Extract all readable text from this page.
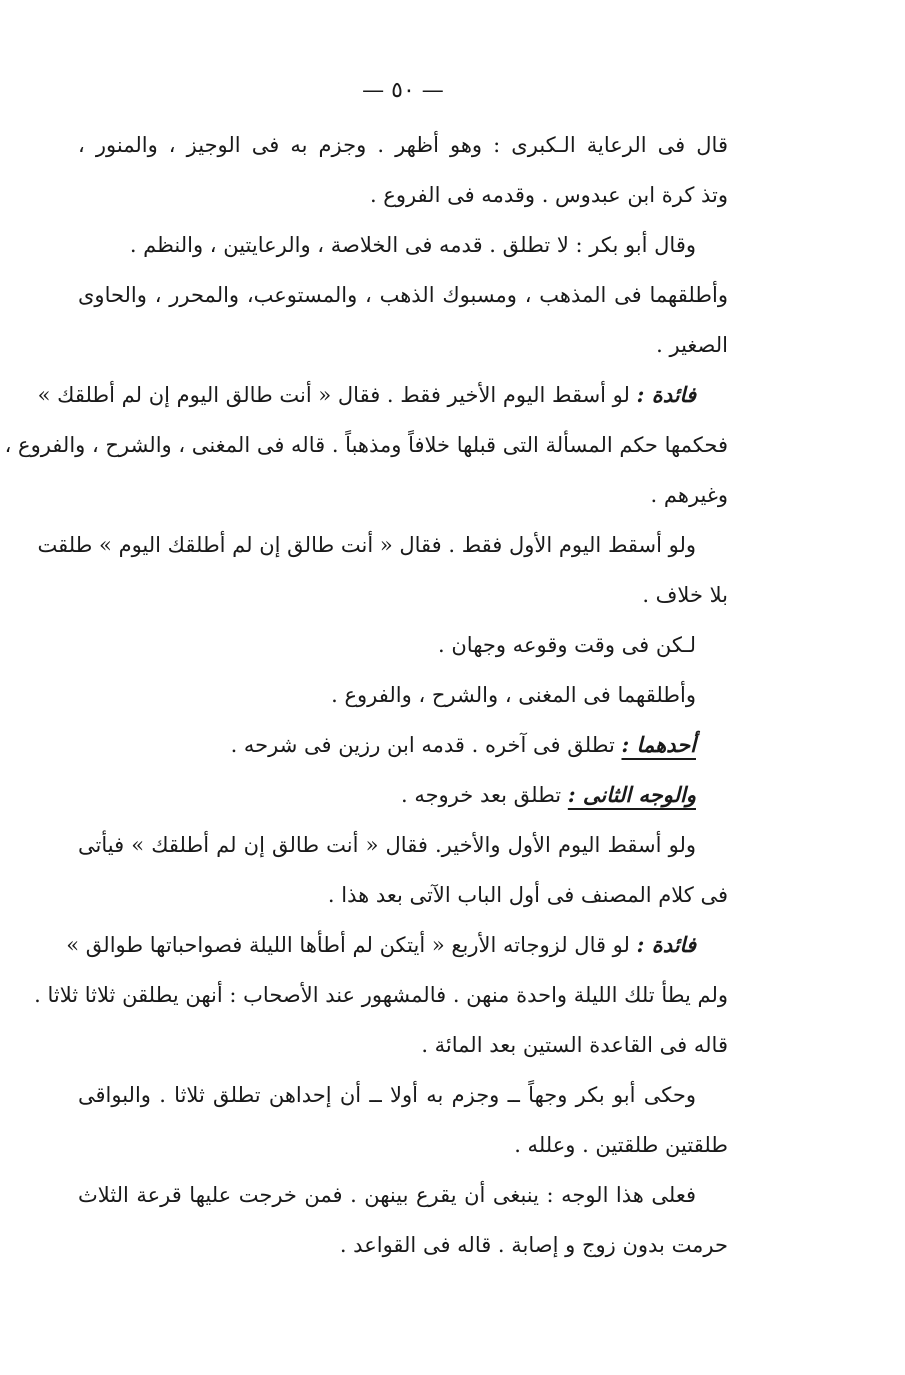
— ٥٠ —
قال فى الرعاية الـكبرى : وهو أظهر . وجزم به فى الوجيز ، والمنور ،
وتذ كرة ابن عبدوس . وقدمه فى الفروع .
وقال أبو بكر : لا تطلق . قدمه فى الخلاصة ، والرعايتين ، والنظم .
وأطلقهما فى المذهب ، ومسبوك الذهب ، والمستوعب، والمحرر ، والحاوى
الصغير .
فائدة : لو أسقط اليوم الأخير فقط . فقال « أنت طالق اليوم إن لم أطلقك »
فحكمها حكم المسألة التى قبلها خلافاً ومذهباً . قاله فى المغنى ، والشرح ، والفروع ،
وغيرهم .
ولو أسقط اليوم الأول فقط . فقال « أنت طالق إن لم أطلقك اليوم » طلقت
بلا خلاف .
لـكن فى وقت وقوعه وجهان .
وأطلقهما فى المغنى ، والشرح ، والفروع .
أحدهما : تطلق فى آخره . قدمه ابن رزين فى شرحه .
والوجه الثانى : تطلق بعد خروجه .
ولو أسقط اليوم الأول والأخير. فقال « أنت طالق إن لم أطلقك » فيأتى
فى كلام المصنف فى أول الباب الآتى بعد هذا .
فائدة : لو قال لزوجاته الأربع « أيتكن لم أطأها الليلة فصواحباتها طوالق »
ولم يطأ تلك الليلة واحدة منهن . فالمشهور عند الأصحاب : أنهن يطلقن ثلاثا ثلاثا .
قاله فى القاعدة الستين بعد المائة .
وحكى أبو بكر وجهاً ــ وجزم به أولا ــ أن إحداهن تطلق ثلاثا . والبواقى
طلقتين طلقتين . وعلله .
فعلى هذا الوجه : ينبغى أن يقرع بينهن . فمن خرجت عليها قرعة الثلاث
حرمت بدون زوج و إصابة . قاله فى القواعد .
